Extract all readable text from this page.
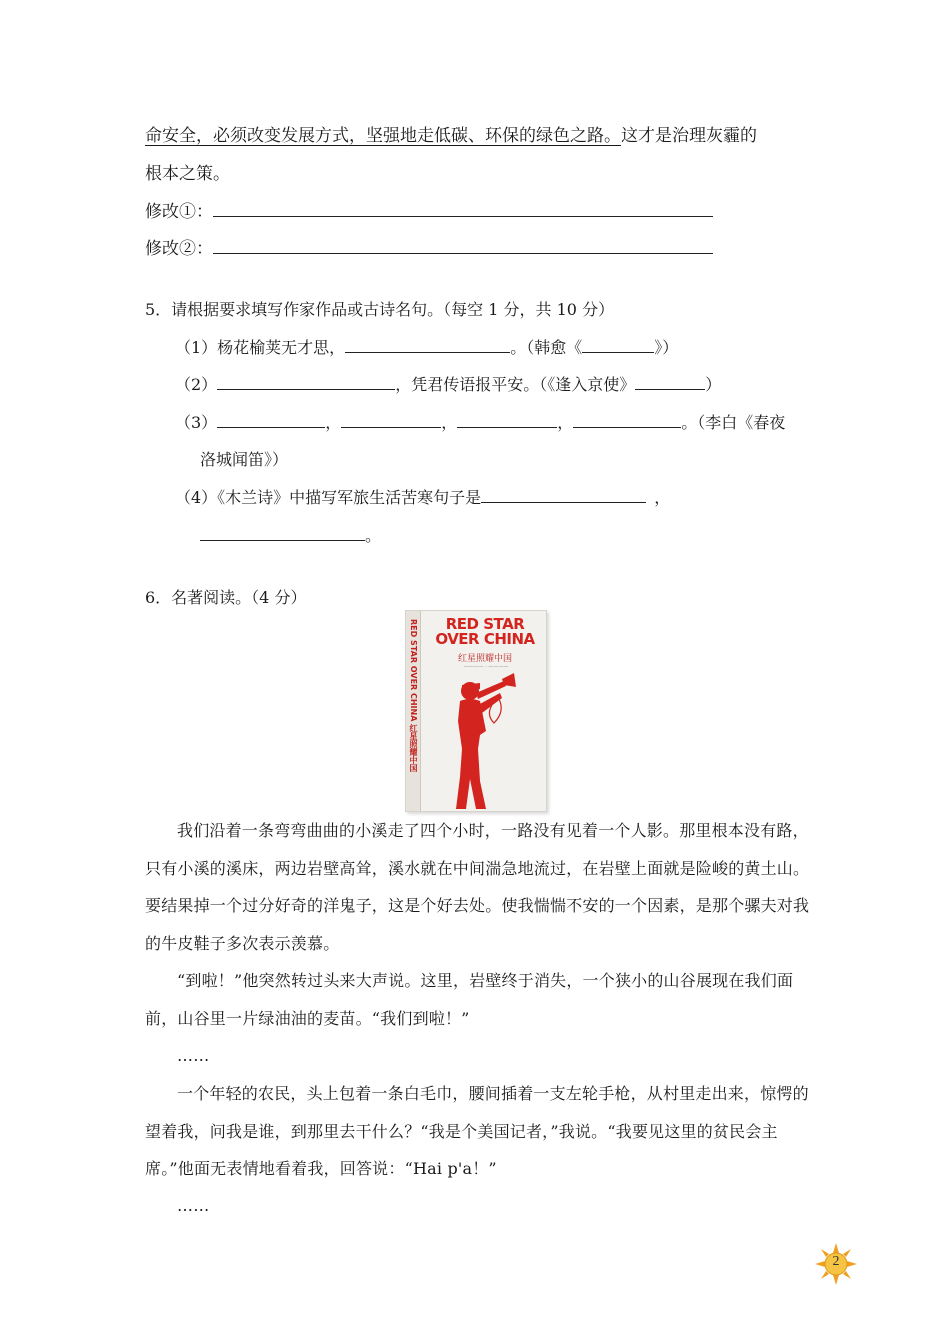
命安全，必须改变发展方式，坚强地走低碳、环保的绿色之路。这才是治理灰霾的
根本之策。
修改①：
修改②：
5．请根据要求填写作家作品或古诗名句。（每空 1 分，共 10 分）
（1）杨花榆荚无才思，	。（韩愈《	》）
（2）	，凭君传语报平安。（《逢入京使》	）
（3）	，	，	，	。（李白《春夜
洛城闻笛》）
（4）《木兰诗》中描写军旅生活苦寒句子是	，
。
6．名著阅读。（4 分）
RED STAR OVER CHINA 红星照耀中国	RED STAR
OVER CHINA
红星照耀中国
———— · ————
我们沿着一条弯弯曲曲的小溪走了四个小时，一路没有见着一个人影。那里根本没有路，只有小溪的溪床，两边岩壁高耸，溪水就在中间湍急地流过，在岩壁上面就是险峻的黄土山。要结果掉一个过分好奇的洋鬼子，这是个好去处。使我惴惴不安的一个因素，是那个骡夫对我的牛皮鞋子多次表示羡慕。
“到啦！”他突然转过头来大声说。这里，岩壁终于消失，一个狭小的山谷展现在我们面前，山谷里一片绿油油的麦苗。“我们到啦！”
……
一个年轻的农民，头上包着一条白毛巾，腰间插着一支左轮手枪，从村里走出来，惊愕的望着我，问我是谁，到那里去干什么？“我是个美国记者，”我说。“我要见这里的贫民会主席。”他面无表情地看着我，回答说：“Hai p'a！”
……
2
